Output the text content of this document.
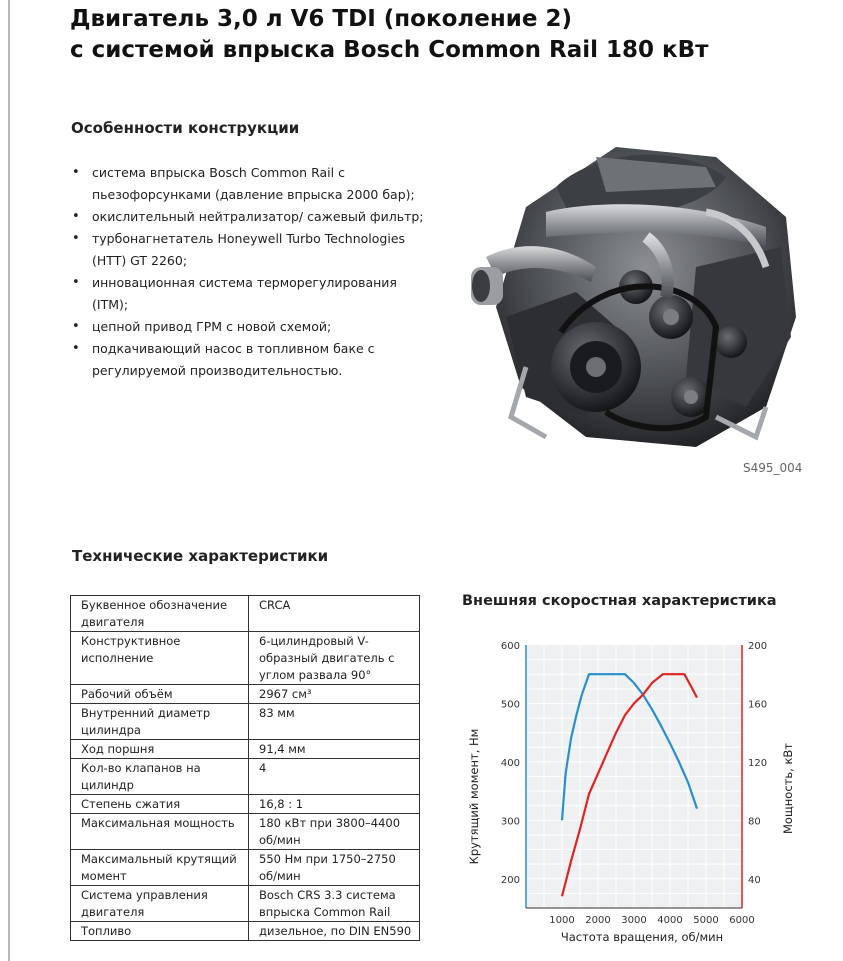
Двигатель 3,0 л V6 TDI (поколение 2)
с системой впрыска Bosch Common Rail 180 кВт
Особенности конструкции
• система впрыска Bosch Common Rail с пьезофорсунками (давление впрыска 2000 бар);
• окислительный нейтрализатор/ сажевый фильтр;
• турбонагнетатель Honeywell Turbo Technologies (HTT) GT 2260;
• инновационная система терморегулирования (ITM);
• цепной привод ГРМ с новой схемой;
• подкачивающий насос в топливном баке с регулируемой производительностью.
S495_004
Технические характеристики
Буквенное обозначение двигателя	CRCA
Конструктивное исполнение	6-цилиндровый V-образный двигатель с углом развала 90°
Рабочий объём	2967 см³
Внутренний диаметр цилиндра	83 мм
Ход поршня	91,4 мм
Кол-во клапанов на цилиндр	4
Степень сжатия	16,8 : 1
Максимальная мощность	180 кВт при 3800–4400 об/мин
Максимальный крутящий момент	550 Нм при 1750–2750 об/мин
Система управления двигателя	Bosch CRS 3.3 система впрыска Common Rail
Топливо	дизельное, по DIN EN590
Внешняя скоростная характеристика
200
300
400
500
600
40
80
120
160
200
1000 2000 3000 4000 5000 6000
Частота вращения, об/мин
Крутящий момент, Нм	Мощность, кВт
